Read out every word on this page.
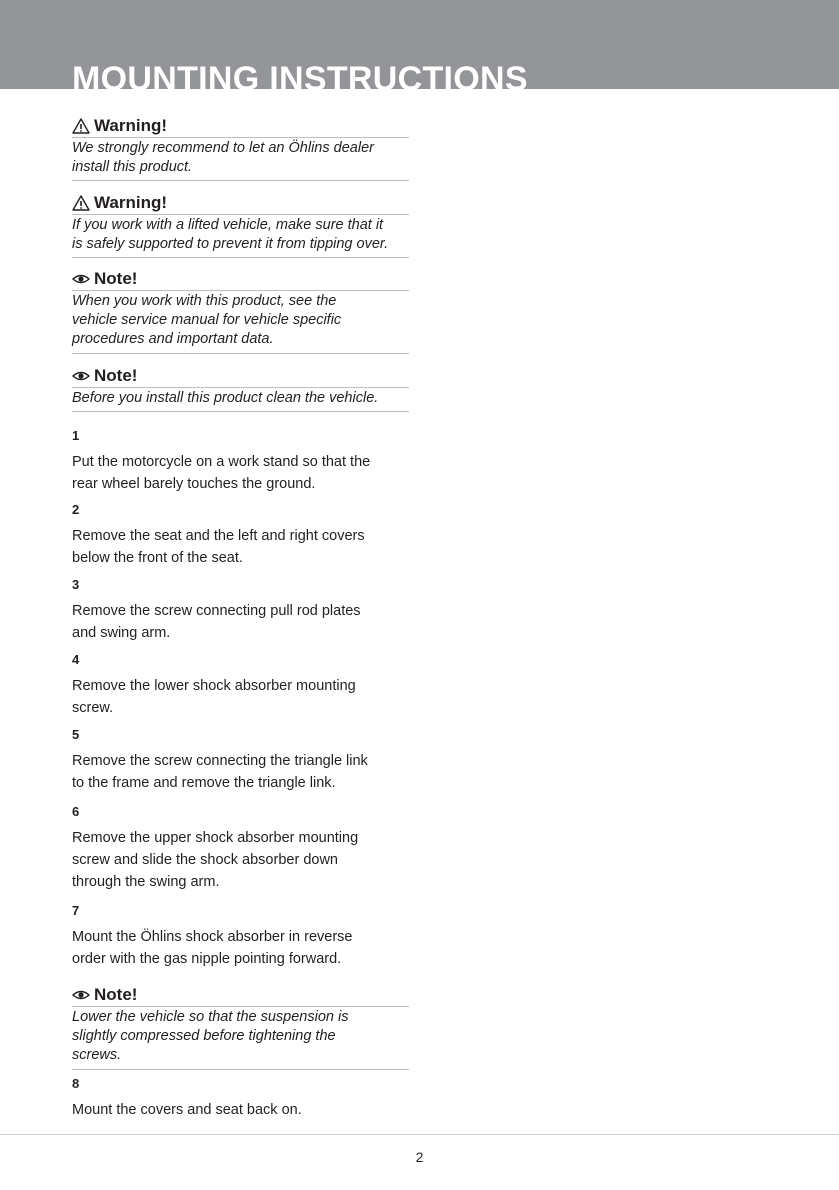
MOUNTING INSTRUCTIONS
Warning!
We strongly recommend to let an Öhlins dealer
install this product.
Warning!
If you work with a lifted vehicle, make sure that it
is safely supported to prevent it from tipping over.
Note!
When you work with this product, see the
vehicle service manual for vehicle specific
procedures and important data.
Note!
Before you install this product clean the vehicle.
1
Put the motorcycle on a work stand so that the
rear wheel barely touches the ground.
2
Remove the seat and the left and right covers
below the front of the seat.
3
Remove the screw connecting pull rod plates
and swing arm.
4
Remove the lower shock absorber mounting
screw.
5
Remove the screw connecting the triangle link
to the frame and remove the triangle link.
6
Remove the upper shock absorber mounting
screw and slide the shock absorber down
through the swing arm.
7
Mount the Öhlins shock absorber in reverse
order with the gas nipple pointing forward.
Note!
Lower the vehicle so that the suspension is
slightly compressed before tightening the
screws.
8
Mount the covers and seat back on.
2
